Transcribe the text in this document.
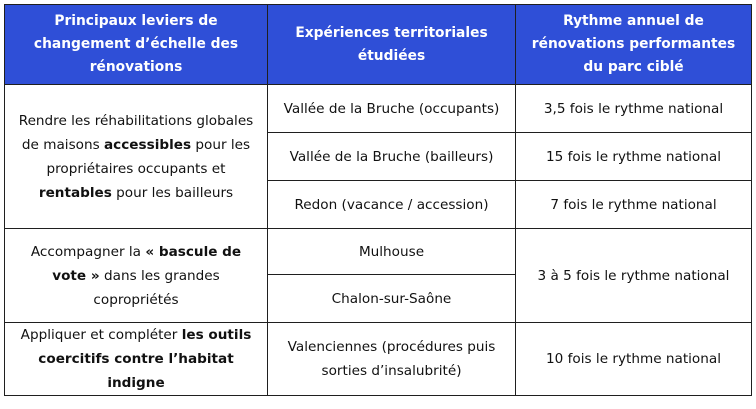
Principaux leviers de changement d’échelle des rénovations	Expériences territoriales étudiées	Rythme annuel de rénovations performantes du parc ciblé
Rendre les réhabilitations globales de maisons accessibles pour les propriétaires occupants et rentables pour les bailleurs	Vallée de la Bruche (occupants)	3,5 fois le rythme national
	Vallée de la Bruche (bailleurs)	15 fois le rythme national
	Redon (vacance / accession)	7 fois le rythme national
Accompagner la « bascule de vote » dans les grandes copropriétés	Mulhouse	3 à 5 fois le rythme national
	Chalon-sur-Saône	
Appliquer et compléter les outils coercitifs contre l’habitat indigne	Valenciennes (procédures puis sorties d’insalubrité)	10 fois le rythme national
